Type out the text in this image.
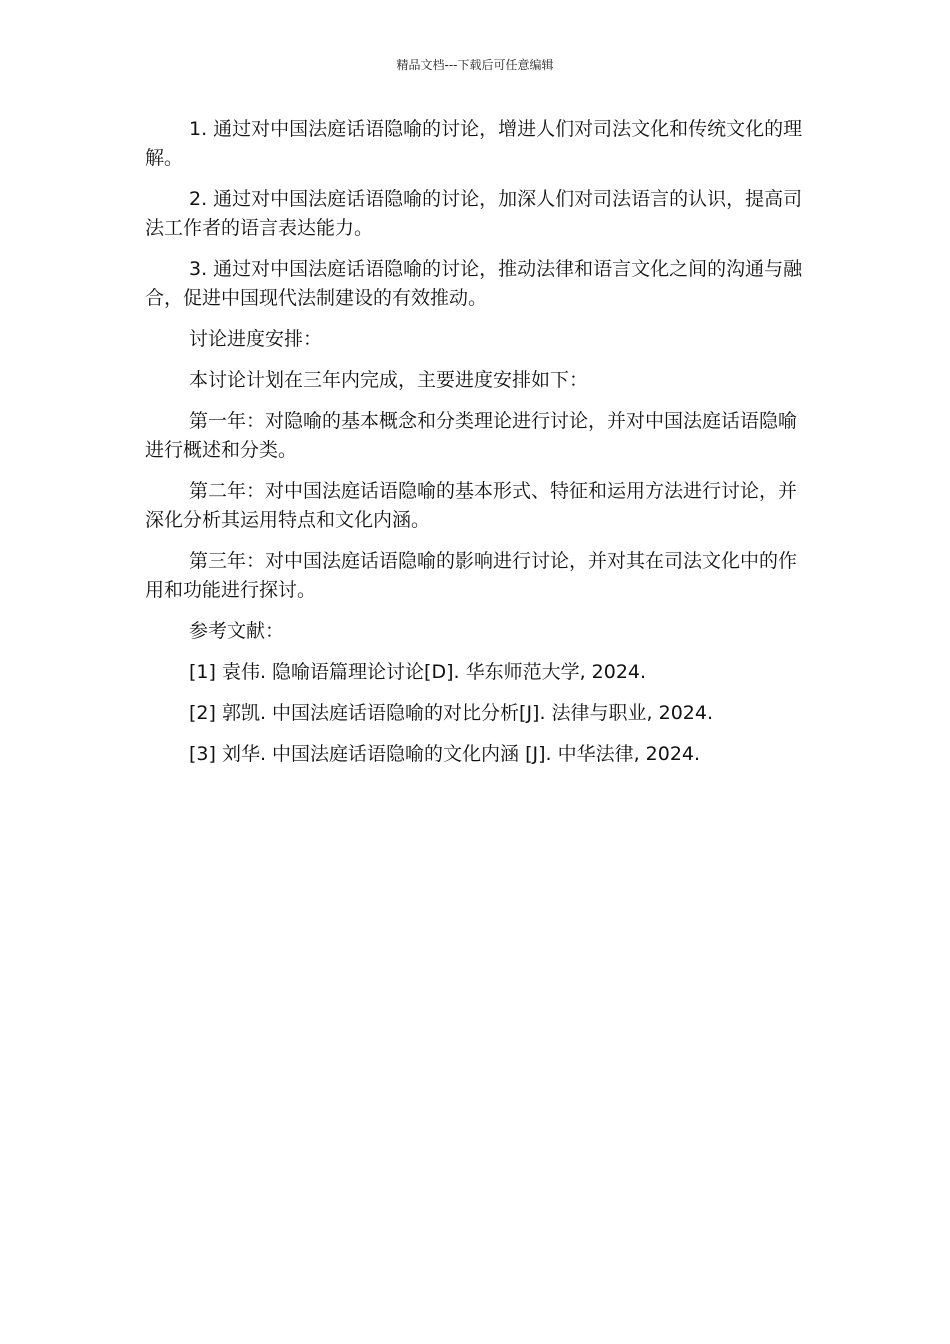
精品文档---下载后可任意编辑

1. 通过对中国法庭话语隐喻的讨论，增进人们对司法文化和传统文化的理解。

2. 通过对中国法庭话语隐喻的讨论，加深人们对司法语言的认识，提高司法工作者的语言表达能力。

3. 通过对中国法庭话语隐喻的讨论，推动法律和语言文化之间的沟通与融合，促进中国现代法制建设的有效推动。

讨论进度安排：

本讨论计划在三年内完成，主要进度安排如下：

第一年：对隐喻的基本概念和分类理论进行讨论，并对中国法庭话语隐喻进行概述和分类。

第二年：对中国法庭话语隐喻的基本形式、特征和运用方法进行讨论，并深化分析其运用特点和文化内涵。

第三年：对中国法庭话语隐喻的影响进行讨论，并对其在司法文化中的作用和功能进行探讨。

参考文献：

[1] 袁伟. 隐喻语篇理论讨论[D]. 华东师范大学, 2024.

[2] 郭凯. 中国法庭话语隐喻的对比分析[J]. 法律与职业, 2024.

[3] 刘华. 中国法庭话语隐喻的文化内涵 [J]. 中华法律, 2024.
